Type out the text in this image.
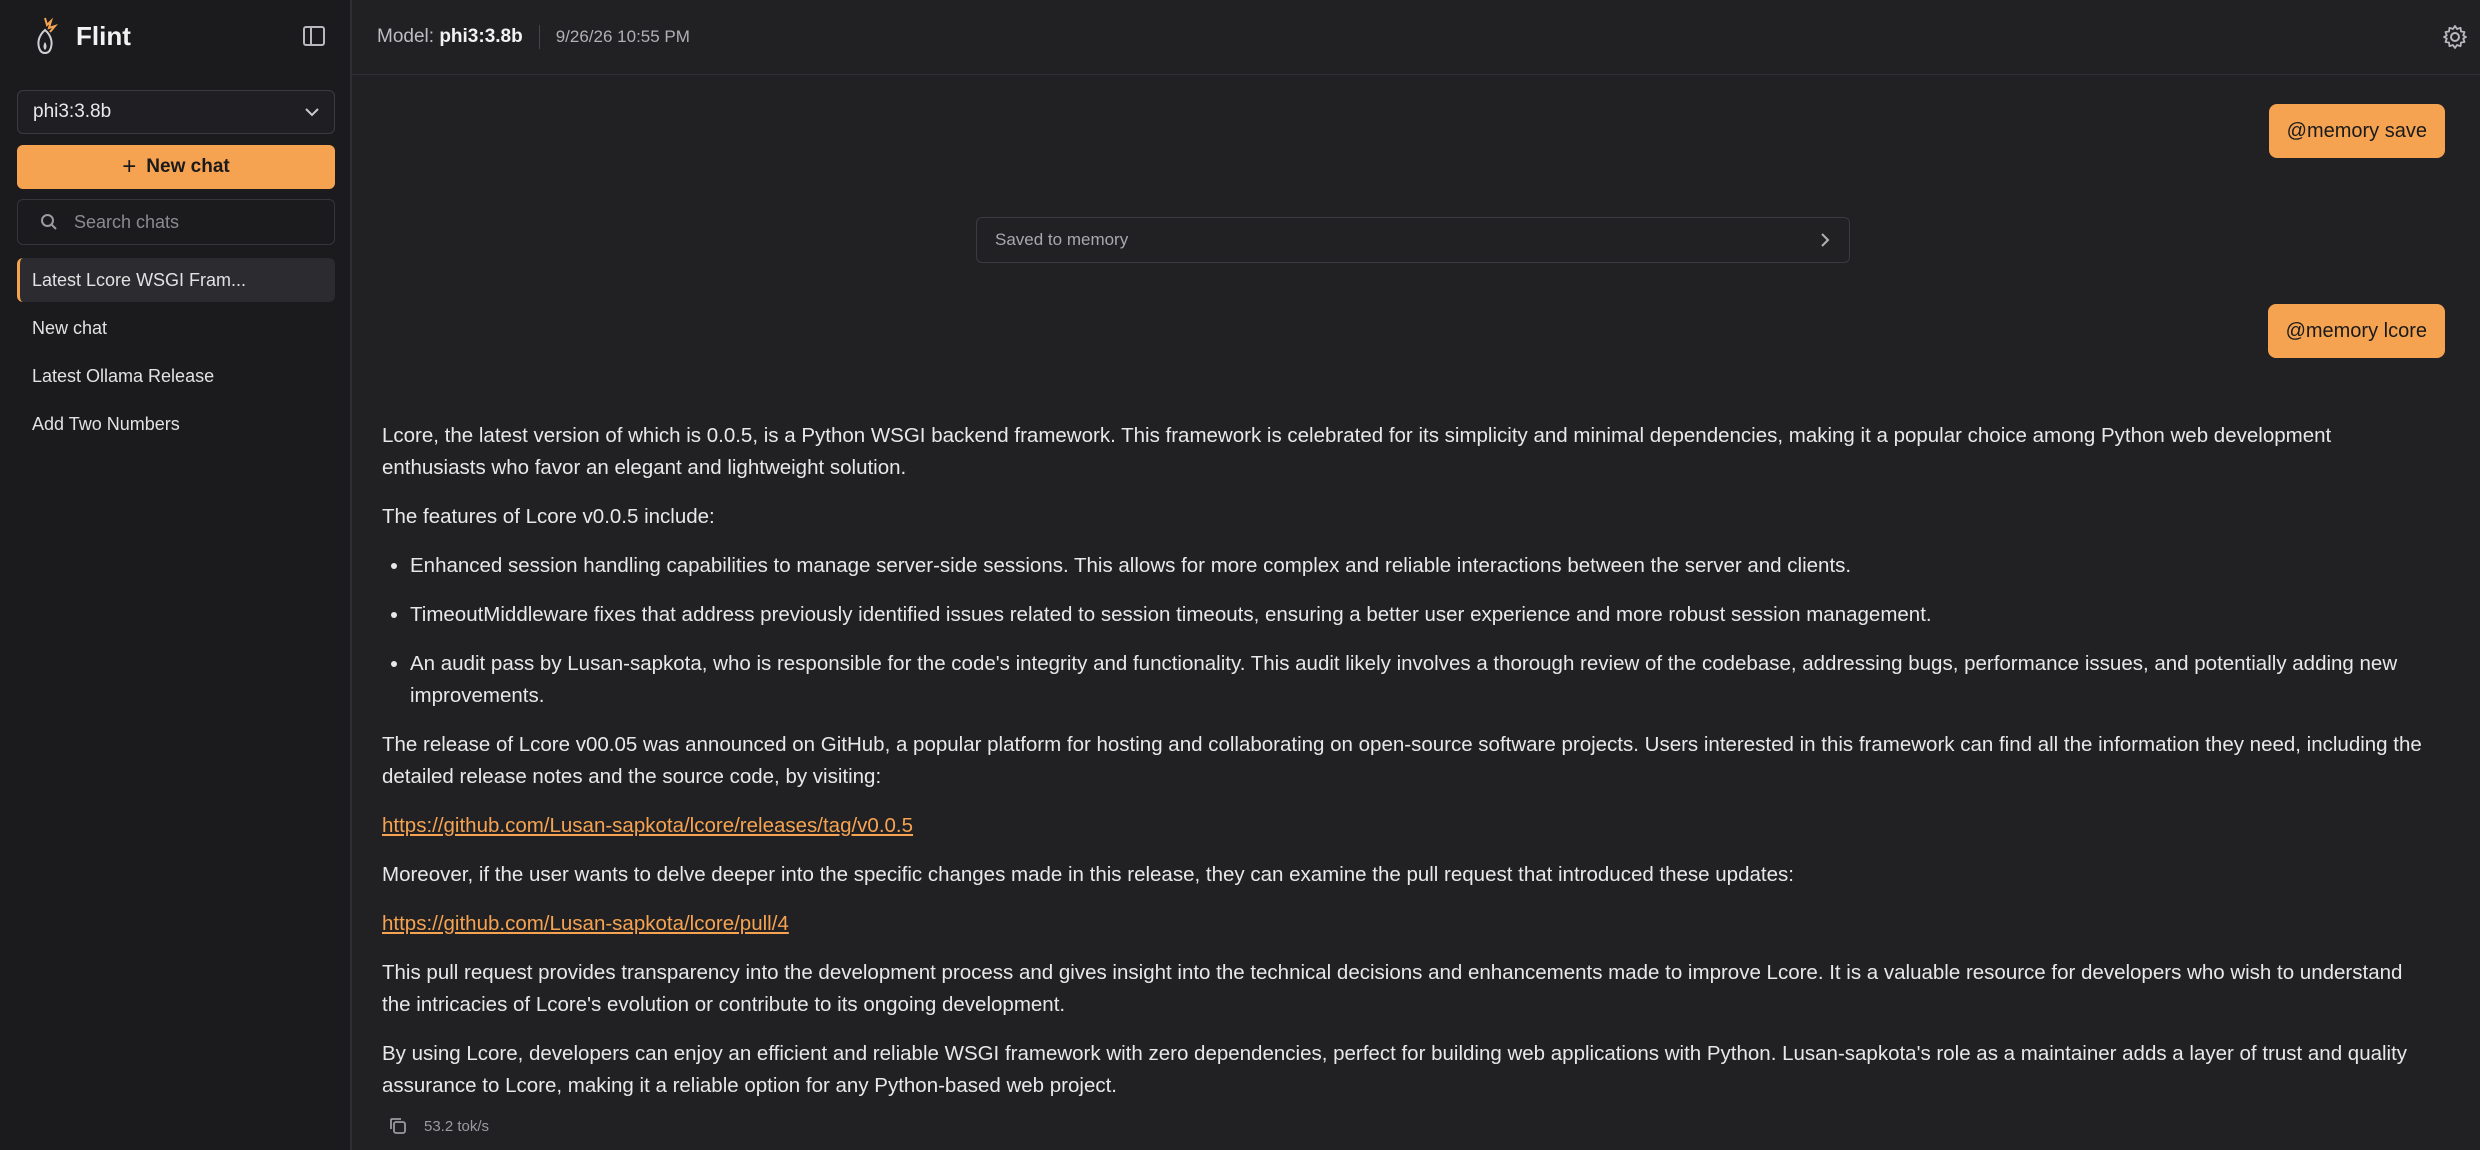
Flint
phi3:3.8b
+ New chat
Search chats
Latest Lcore WSGI Fram...
New chat
Latest Ollama Release
Add Two Numbers
Model: phi3:3.8b 9/26/26 10:55 PM
@memory save
Saved to memory
@memory lcore

Lcore, the latest version of which is 0.0.5, is a Python WSGI backend framework. This framework is celebrated for its simplicity and minimal dependencies, making it a popular choice among Python web development enthusiasts who favor an elegant and lightweight solution.

The features of Lcore v0.0.5 include:

• Enhanced session handling capabilities to manage server-side sessions. This allows for more complex and reliable interactions between the server and clients.
• TimeoutMiddleware fixes that address previously identified issues related to session timeouts, ensuring a better user experience and more robust session management.
• An audit pass by Lusan-sapkota, who is responsible for the code's integrity and functionality. This audit likely involves a thorough review of the codebase, addressing bugs, performance issues, and potentially adding new improvements.

The release of Lcore v00.05 was announced on GitHub, a popular platform for hosting and collaborating on open-source software projects. Users interested in this framework can find all the information they need, including the detailed release notes and the source code, by visiting:

https://github.com/Lusan-sapkota/lcore/releases/tag/v0.0.5

Moreover, if the user wants to delve deeper into the specific changes made in this release, they can examine the pull request that introduced these updates:

https://github.com/Lusan-sapkota/lcore/pull/4

This pull request provides transparency into the development process and gives insight into the technical decisions and enhancements made to improve Lcore. It is a valuable resource for developers who wish to understand the intricacies of Lcore's evolution or contribute to its ongoing development.

By using Lcore, developers can enjoy an efficient and reliable WSGI framework with zero dependencies, perfect for building web applications with Python. Lusan-sapkota's role as a maintainer adds a layer of trust and quality assurance to Lcore, making it a reliable option for any Python-based web project.

53.2 tok/s
